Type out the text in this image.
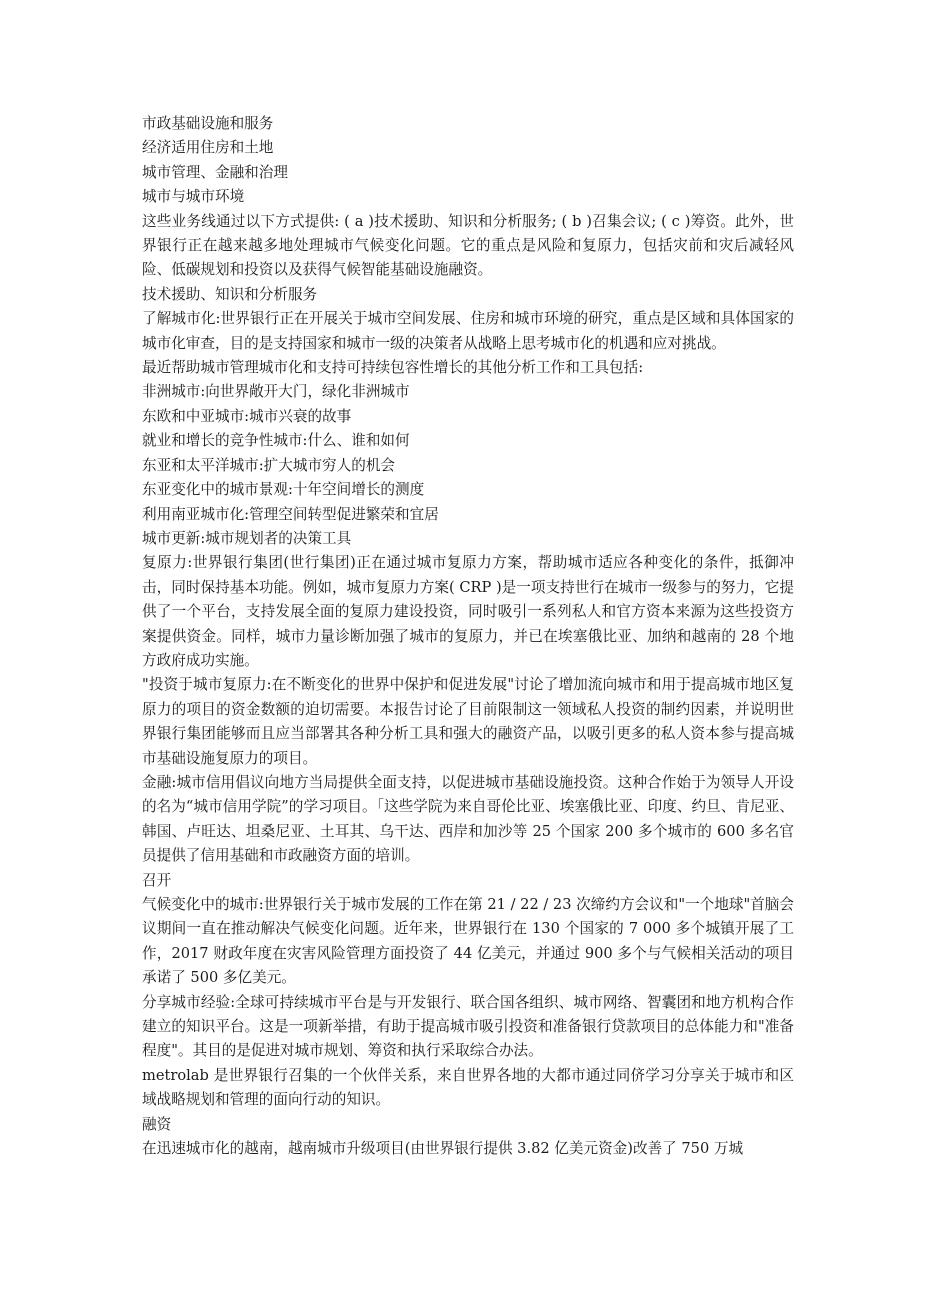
市政基础设施和服务

经济适用住房和土地

城市管理、金融和治理

城市与城市环境

这些业务线通过以下方式提供: ( a )技术援助、知识和分析服务; ( b )召集会议; ( c )筹资。此外，世界银行正在越来越多地处理城市气候变化问题。它的重点是风险和复原力，包括灾前和灾后减轻风险、低碳规划和投资以及获得气候智能基础设施融资。

技术援助、知识和分析服务

了解城市化:世界银行正在开展关于城市空间发展、住房和城市环境的研究，重点是区域和具体国家的城市化审查，目的是支持国家和城市一级的决策者从战略上思考城市化的机遇和应对挑战。

最近帮助城市管理城市化和支持可持续包容性增长的其他分析工作和工具包括:

非洲城市:向世界敞开大门，绿化非洲城市

东欧和中亚城市:城市兴衰的故事

就业和增长的竞争性城市:什么、谁和如何

东亚和太平洋城市:扩大城市穷人的机会

东亚变化中的城市景观:十年空间增长的测度

利用南亚城市化:管理空间转型促进繁荣和宜居

城市更新:城市规划者的决策工具

复原力:世界银行集团(世行集团)正在通过城市复原力方案，帮助城市适应各种变化的条件，抵御冲击，同时保持基本功能。例如，城市复原力方案( CRP )是一项支持世行在城市一级参与的努力，它提供了一个平台，支持发展全面的复原力建设投资，同时吸引一系列私人和官方资本来源为这些投资方案提供资金。同样，城市力量诊断加强了城市的复原力，并已在埃塞俄比亚、加纳和越南的 28 个地方政府成功实施。

"投资于城市复原力:在不断变化的世界中保护和促进发展"讨论了增加流向城市和用于提高城市地区复原力的项目的资金数额的迫切需要。本报告讨论了目前限制这一领域私人投资的制约因素，并说明世界银行集团能够而且应当部署其各种分析工具和强大的融资产品，以吸引更多的私人资本参与提高城市基础设施复原力的项目。

金融:城市信用倡议向地方当局提供全面支持，以促进城市基础设施投资。这种合作始于为领导人开设的名为“城市信用学院”的学习项目。「这些学院为来自哥伦比亚、埃塞俄比亚、印度、约旦、肯尼亚、韩国、卢旺达、坦桑尼亚、土耳其、乌干达、西岸和加沙等 25 个国家 200 多个城市的 600 多名官员提供了信用基础和市政融资方面的培训。

召开

气候变化中的城市:世界银行关于城市发展的工作在第 21 / 22 / 23 次缔约方会议和"一个地球"首脑会议期间一直在推动解决气候变化问题。近年来，世界银行在 130 个国家的 7 000 多个城镇开展了工作，2017 财政年度在灾害风险管理方面投资了 44 亿美元，并通过 900 多个与气候相关活动的项目承诺了 500 多亿美元。

分享城市经验:全球可持续城市平台是与开发银行、联合国各组织、城市网络、智囊团和地方机构合作建立的知识平台。这是一项新举措，有助于提高城市吸引投资和准备银行贷款项目的总体能力和"准备程度"。其目的是促进对城市规划、筹资和执行采取综合办法。

metrolab 是世界银行召集的一个伙伴关系，来自世界各地的大都市通过同侪学习分享关于城市和区域战略规划和管理的面向行动的知识。

融资

在迅速城市化的越南，越南城市升级项目(由世界银行提供 3.82 亿美元资金)改善了 750 万城
